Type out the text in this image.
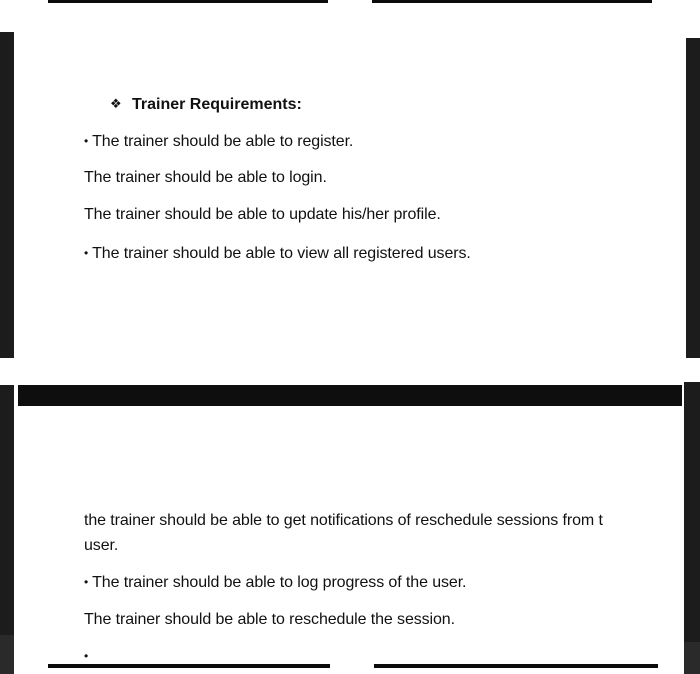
❖ Trainer Requirements:
• The trainer should be able to register.
The trainer should be able to login.
The trainer should be able to update his/her profile.
• The trainer should be able to view all registered users.
the trainer should be able to get notifications of reschedule sessions from t
user.
• The trainer should be able to log progress of the user.
The trainer should be able to reschedule the session.
•
